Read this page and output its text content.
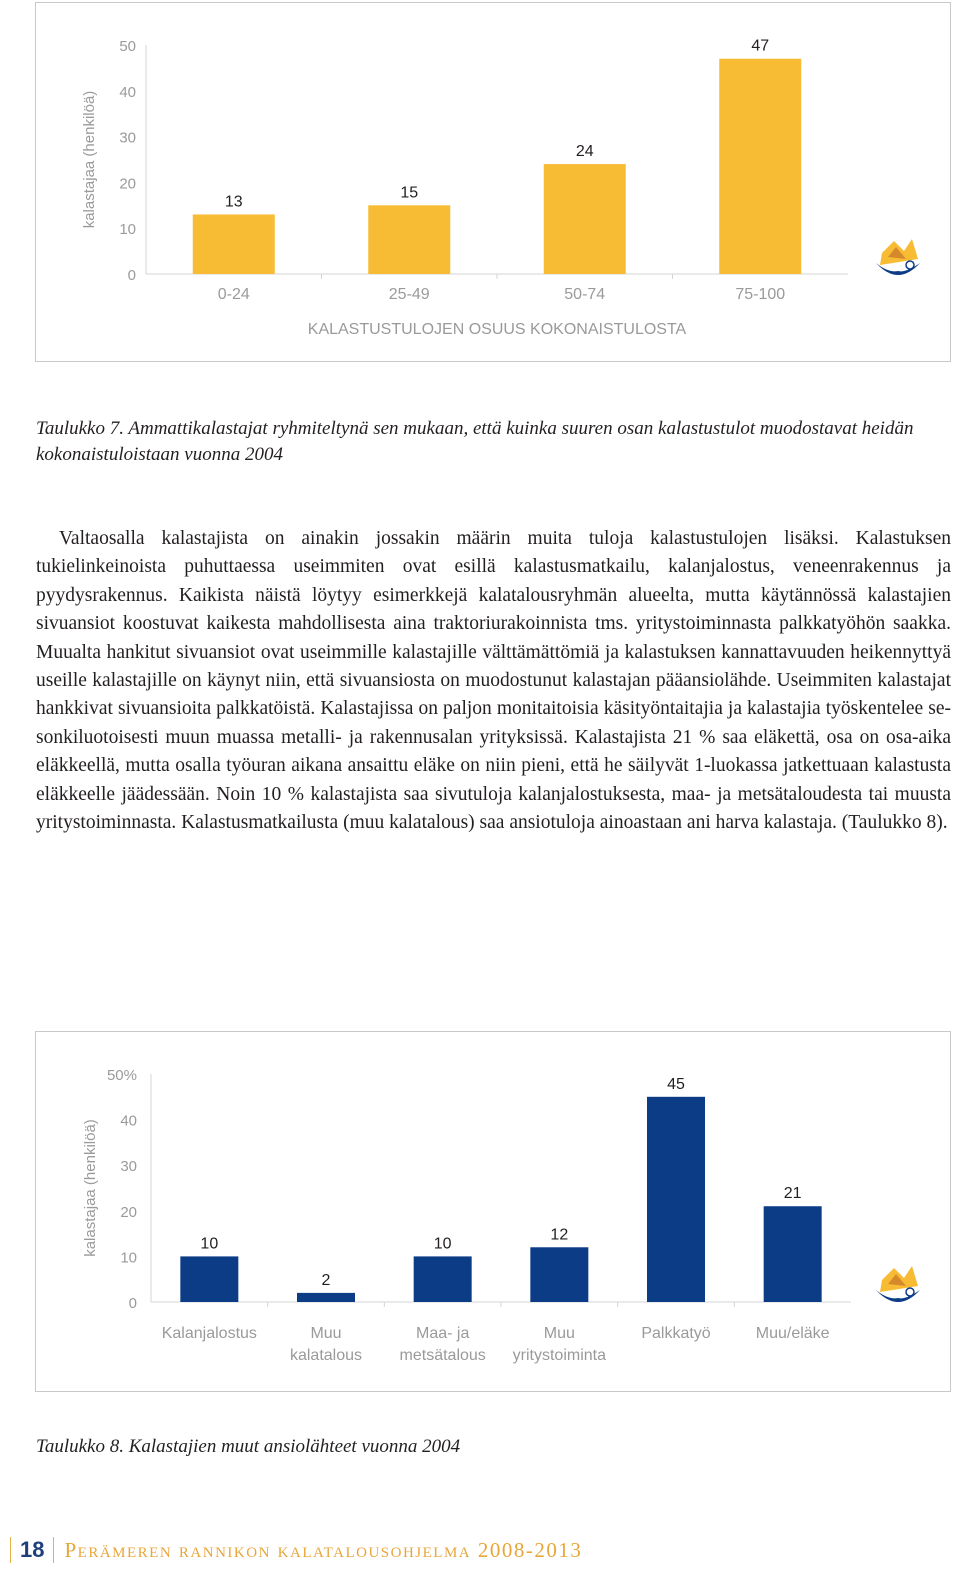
0
10
20
30
40
50
kalastajaa (henkilöä)	13
0-24
15
25-49
24
50-74
47
75-100
KALASTUSTULOJEN OSUUS KOKONAISTULOSTA
Taulukko 7. Ammattikalastajat ryhmiteltynä sen mukaan, että kuinka suuren osan kalastustulot muodostavat heidän kokonaistuloistaan vuonna 2004

Valtaosalla kalastajista on ainakin jossakin määrin muita tuloja kalastustulojen lisäksi. Kalastuksen tukielinkeinoista puhuttaessa useimmiten ovat esillä kalastusmatkailu, kalanjalostus, veneenrakennus ja pyydysrakennus. Kaikista näistä löytyy esimerkkejä kalatalousryhmän alueelta, mutta käytännössä kalastajien sivuansiot koostuvat kaikesta mahdollisesta aina traktoriurakoinnista tms. yritystoiminnasta palkkatyöhön saakka. Muualta hankitut sivuansiot ovat useimmille kalastajille välttämättömiä ja kalastuksen kannattavuuden heikennyttyä useille kalastajille on käynyt niin, että sivuansiosta on muodostunut kalastajan pääansiolähde. Useimmiten kalastajat hankkivat sivuansioita palkkatöistä. Kalastajissa on paljon monitaitoisia käsityöntaitajia ja kalastajia työskentelee sesonkiluotoisesti muun muassa metalli- ja rakennusalan yrityksissä. Kalastajista 21 % saa eläkettä, osa on osa-aika eläkkeellä, mutta osalla työuran aikana ansaittu eläke on niin pieni, että he säilyvät 1-luokassa jatkettuaan kalastusta eläkkeelle jäädessään. Noin 10 % kalastajista saa sivutuloja kalanjalostuksesta, maa- ja metsätaloudesta tai muusta yritystoiminnasta. Kalastusmatkailusta (muu kalatalous) saa ansiotuloja ainoastaan ani harva kalastaja. (Taulukko 8).

0
10
20
30
40
50%
kalastajaa (henkilöä)	10
Kalanjalostus
2
Muu
kalatalous
10
Maa- ja
metsätalous
12
Muu
yritystoiminta
45
Palkkatyö
21
Muu/eläke
Taulukko 8. Kalastajien muut ansiolähteet vuonna 2004
18 Perämeren rannikon kalatalousohjelma 2008-2013
